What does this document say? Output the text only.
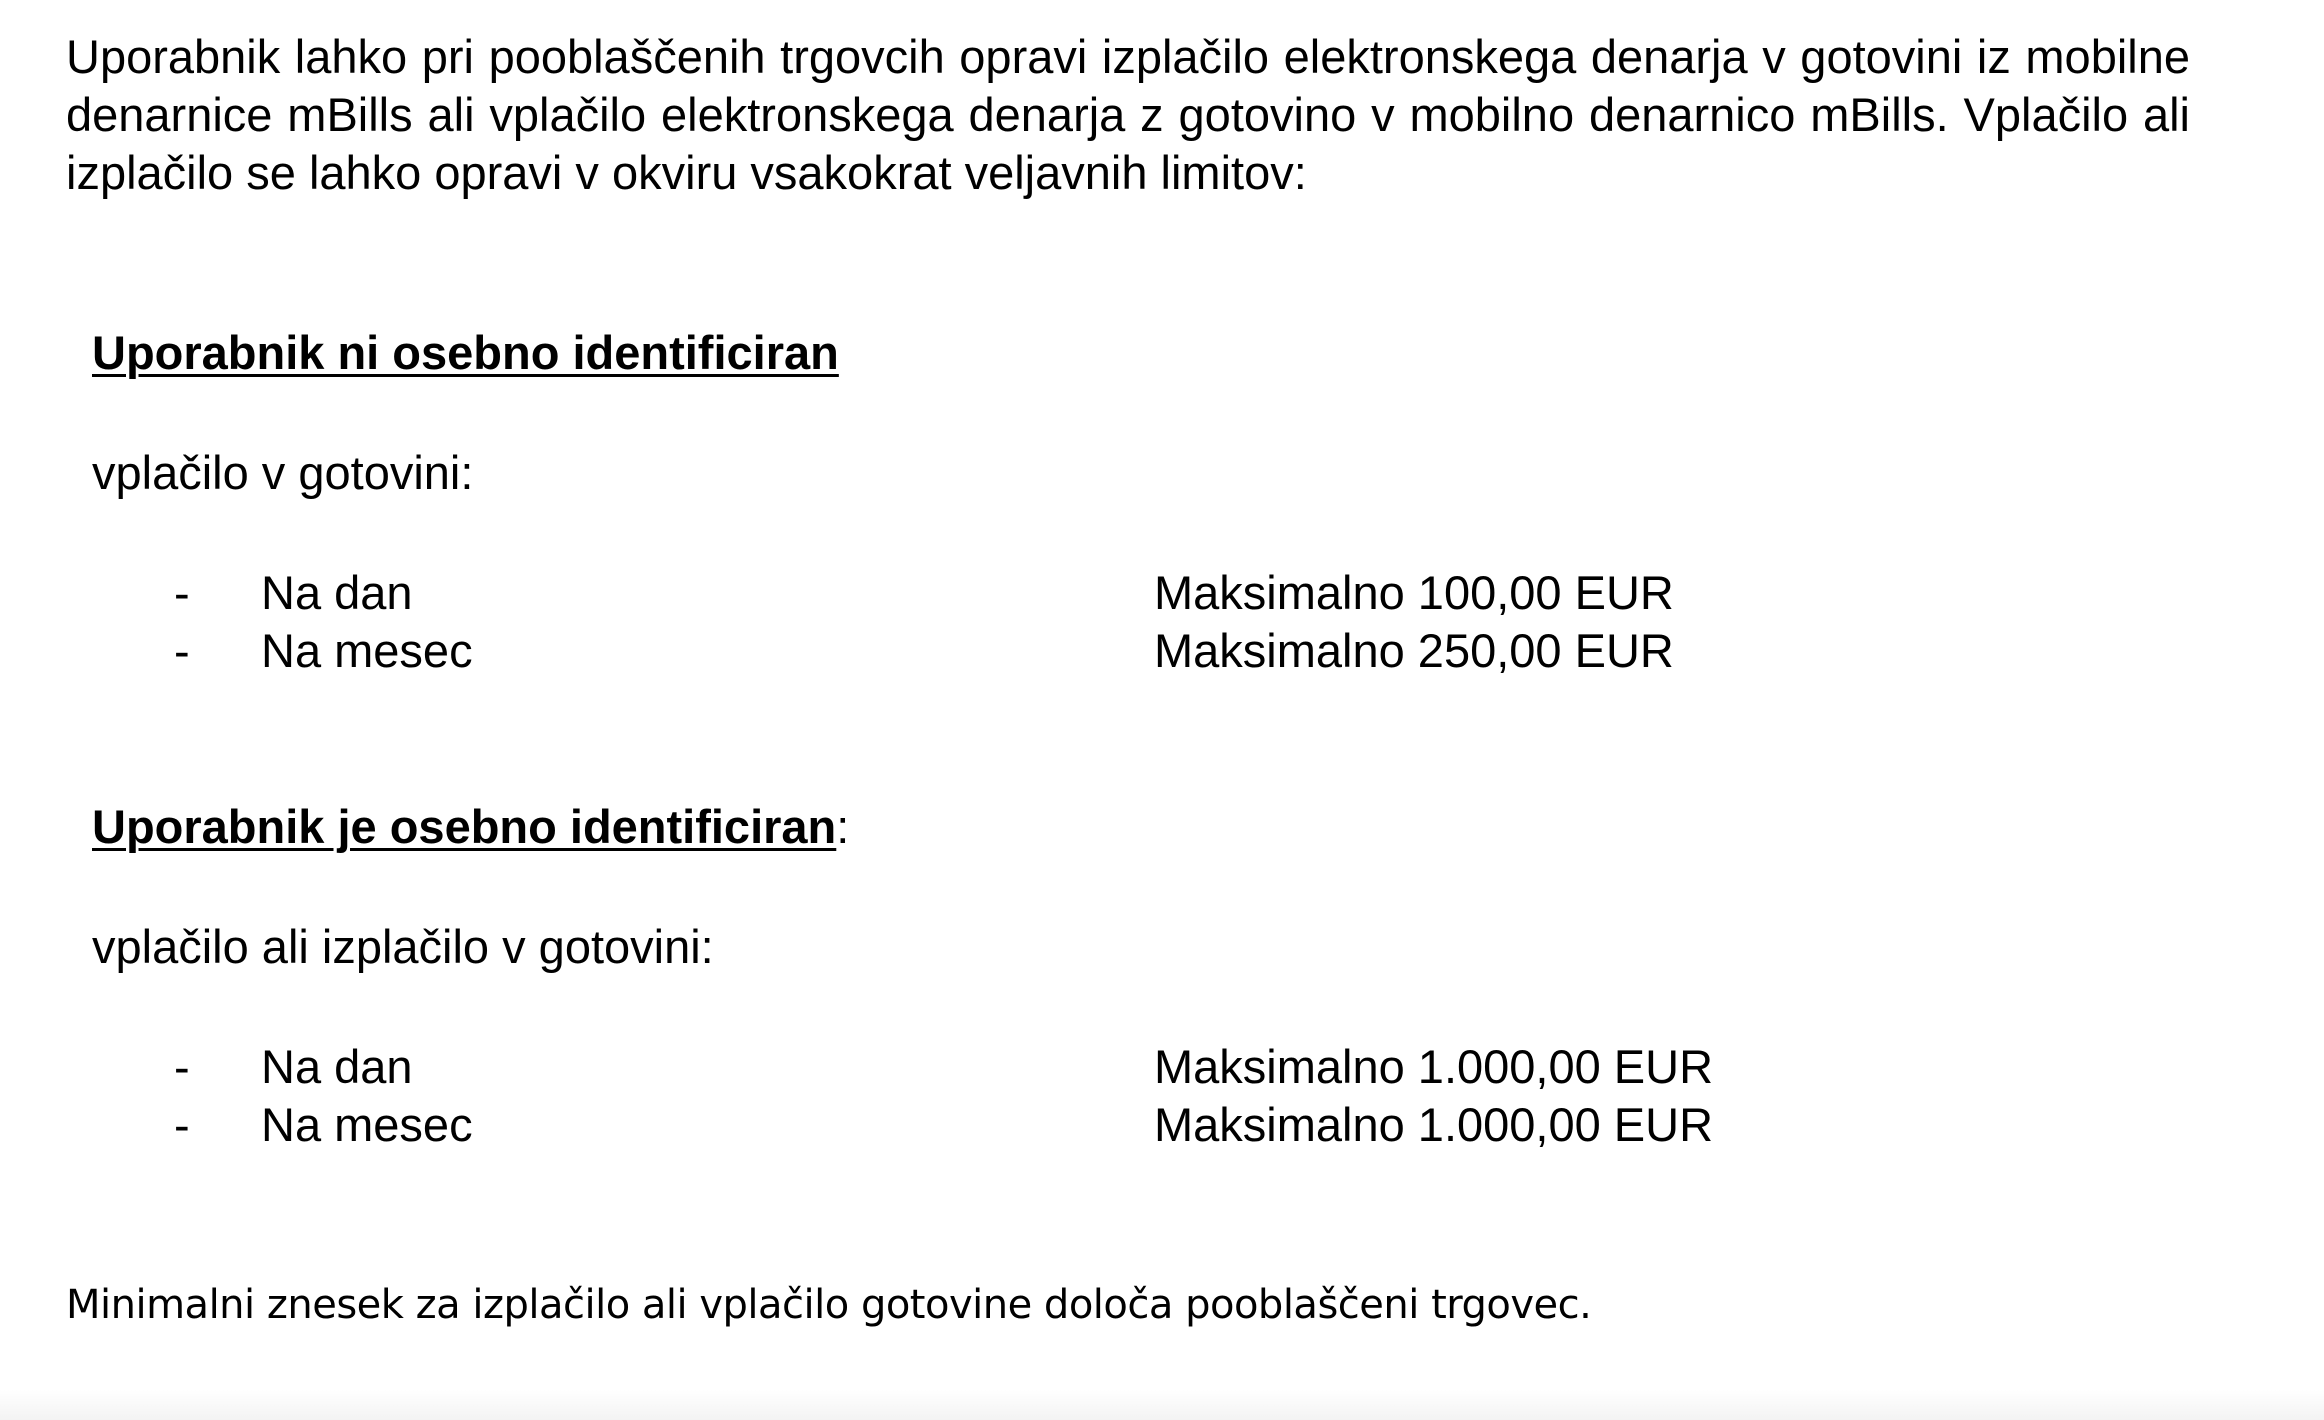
Uporabnik lahko pri pooblaščenih trgovcih opravi izplačilo elektronskega denarja v gotovini iz mobilne denarnice mBills ali vplačilo elektronskega denarja z gotovino v mobilno denarnico mBills. Vplačilo ali izplačilo se lahko opravi v okviru vsakokrat veljavnih limitov:

Uporabnik ni osebno identificiran

vplačilo v gotovini:

- Na dan	Maksimalno 100,00 EUR
- Na mesec	Maksimalno 250,00 EUR

Uporabnik je osebno identificiran:

vplačilo ali izplačilo v gotovini:

- Na dan	Maksimalno 1.000,00 EUR
- Na mesec	Maksimalno 1.000,00 EUR

Minimalni znesek za izplačilo ali vplačilo gotovine določa pooblaščeni trgovec.
